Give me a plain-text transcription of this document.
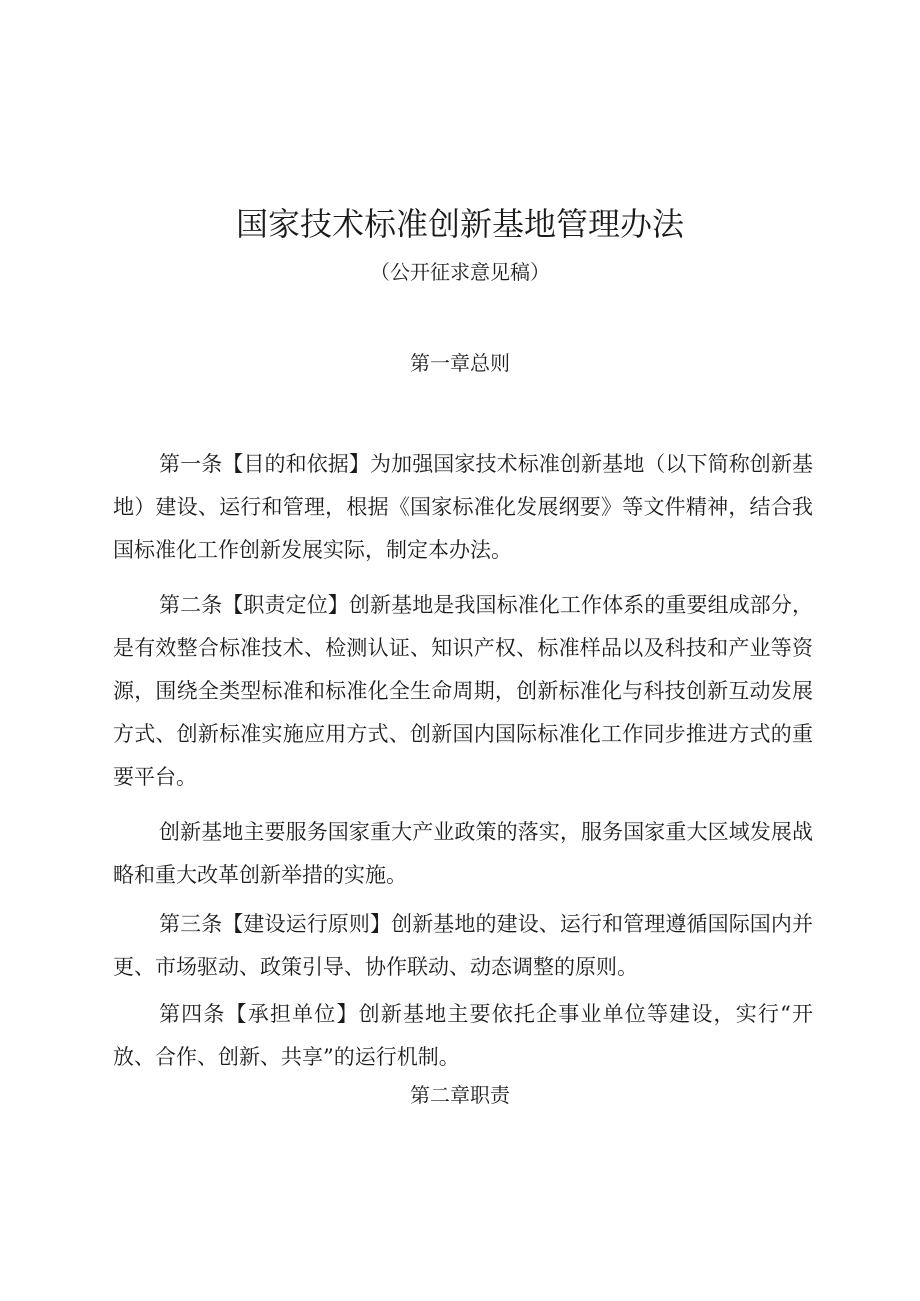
国家技术标准创新基地管理办法
（公开征求意见稿）
第一章总则

第一条【目的和依据】为加强国家技术标准创新基地（以下简称创新基地）建设、运行和管理，根据《国家标准化发展纲要》等文件精神，结合我国标准化工作创新发展实际，制定本办法。

第二条【职责定位】创新基地是我国标准化工作体系的重要组成部分，是有效整合标准技术、检测认证、知识产权、标准样品以及科技和产业等资源，围绕全类型标准和标准化全生命周期，创新标准化与科技创新互动发展方式、创新标准实施应用方式、创新国内国际标准化工作同步推进方式的重要平台。

创新基地主要服务国家重大产业政策的落实，服务国家重大区域发展战略和重大改革创新举措的实施。

第三条【建设运行原则】创新基地的建设、运行和管理遵循国际国内并更、市场驱动、政策引导、协作联动、动态调整的原则。

第四条【承担单位】创新基地主要依托企事业单位等建设，实行“开放、合作、创新、共享”的运行机制。

第二章职责
